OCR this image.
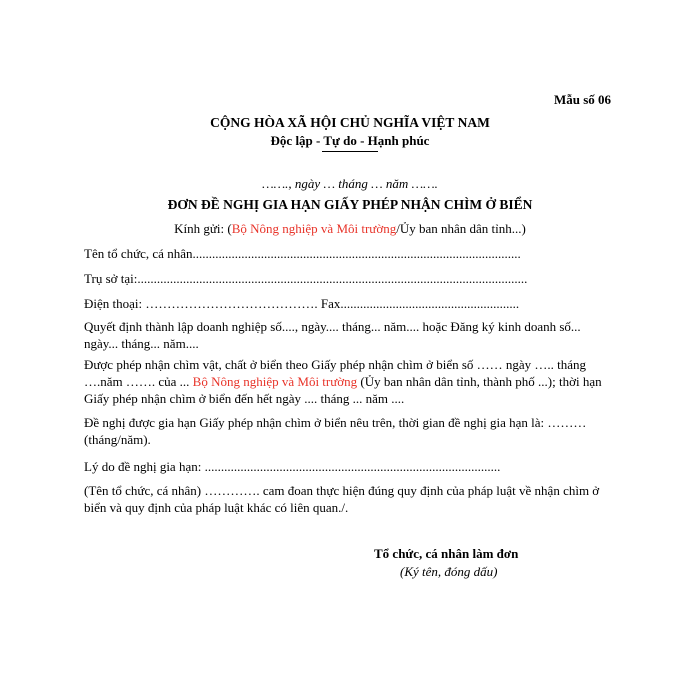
Mẫu số 06
CỘNG HÒA XÃ HỘI CHỦ NGHĨA VIỆT NAM
Độc lập - Tự do - Hạnh phúc
……., ngày … tháng … năm …….
ĐƠN ĐỀ NGHỊ GIA HẠN GIẤY PHÉP NHẬN CHÌM Ở BIỂN
Kính gửi: (Bộ Nông nghiệp và Môi trường/Ủy ban nhân dân tỉnh...)
Tên tổ chức, cá nhân.....................................................................................................
Trụ sở tại:........................................................................................................................
Điện thoại: …………………………………. Fax.......................................................
Quyết định thành lập doanh nghiệp số...., ngày.... tháng... năm.... hoặc Đăng ký kinh doanh số... ngày... tháng... năm....
Được phép nhận chìm vật, chất ở biển theo Giấy phép nhận chìm ở biển số …… ngày ….. tháng ….năm ……. của ... Bộ Nông nghiệp và Môi trường (Ủy ban nhân dân tỉnh, thành phố ...); thời hạn Giấy phép nhận chìm ở biển đến hết ngày .... tháng ... năm ....
Đề nghị được gia hạn Giấy phép nhận chìm ở biển nêu trên, thời gian đề nghị gia hạn là: ……… (tháng/năm).
Lý do đề nghị gia hạn: ...........................................................................................
(Tên tổ chức, cá nhân) …………. cam đoan thực hiện đúng quy định của pháp luật về nhận chìm ở biển và quy định của pháp luật khác có liên quan./.
Tổ chức, cá nhân làm đơn
(Ký tên, đóng dấu)
